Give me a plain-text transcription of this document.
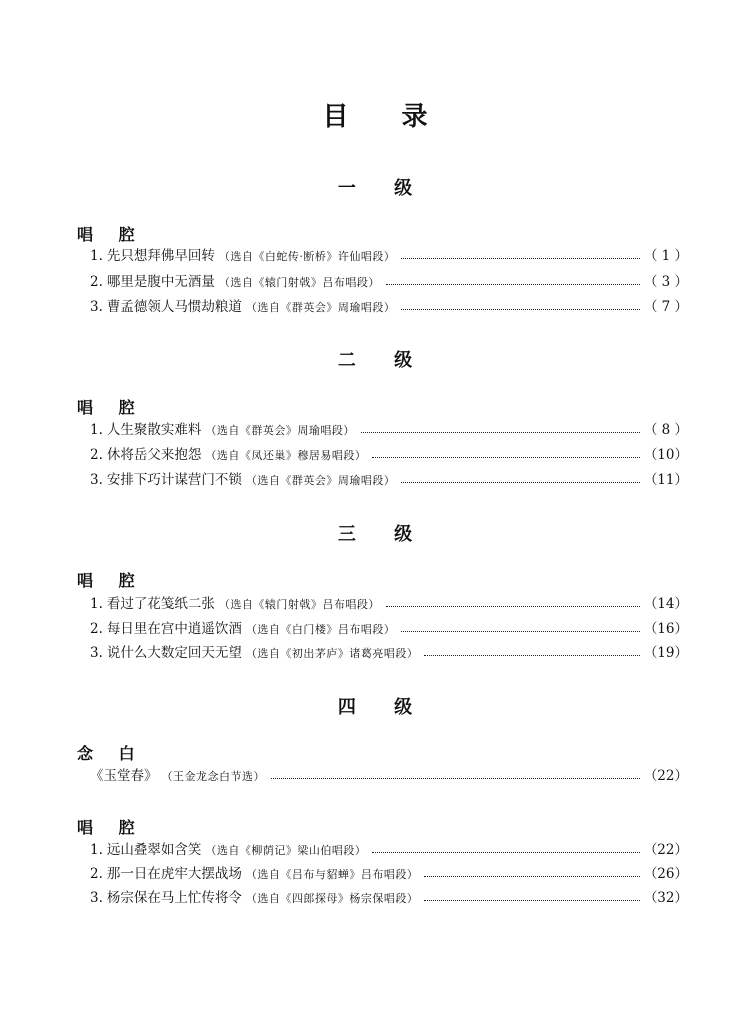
目 录
一 级
唱 腔
1. 先只想拜佛早回转 （选自《白蛇传·断桥》许仙唱段）	（ 1 ）
2. 哪里是腹中无酒量 （选自《辕门射戟》吕布唱段）	（ 3 ）
3. 曹孟德领人马惯劫粮道 （选自《群英会》周瑜唱段）	（ 7 ）
二 级
唱 腔
1. 人生聚散实难料 （选自《群英会》周瑜唱段）	（ 8 ）
2. 休将岳父来抱怨 （选自《凤还巢》穆居易唱段）	（10）
3. 安排下巧计谋营门不锁 （选自《群英会》周瑜唱段）	（11）
三 级
唱 腔
1. 看过了花笺纸二张 （选自《辕门射戟》吕布唱段）	（14）
2. 每日里在宫中逍遥饮酒 （选自《白门楼》吕布唱段）	（16）
3. 说什么大数定回天无望 （选自《初出茅庐》诸葛亮唱段）	（19）
四 级
念 白
《玉堂春》 （王金龙念白节选）	（22）
唱 腔
1. 远山叠翠如含笑 （选自《柳荫记》梁山伯唱段）	（22）
2. 那一日在虎牢大摆战场 （选自《吕布与貂蝉》吕布唱段）	（26）
3. 杨宗保在马上忙传将令 （选自《四郎探母》杨宗保唱段）	（32）
